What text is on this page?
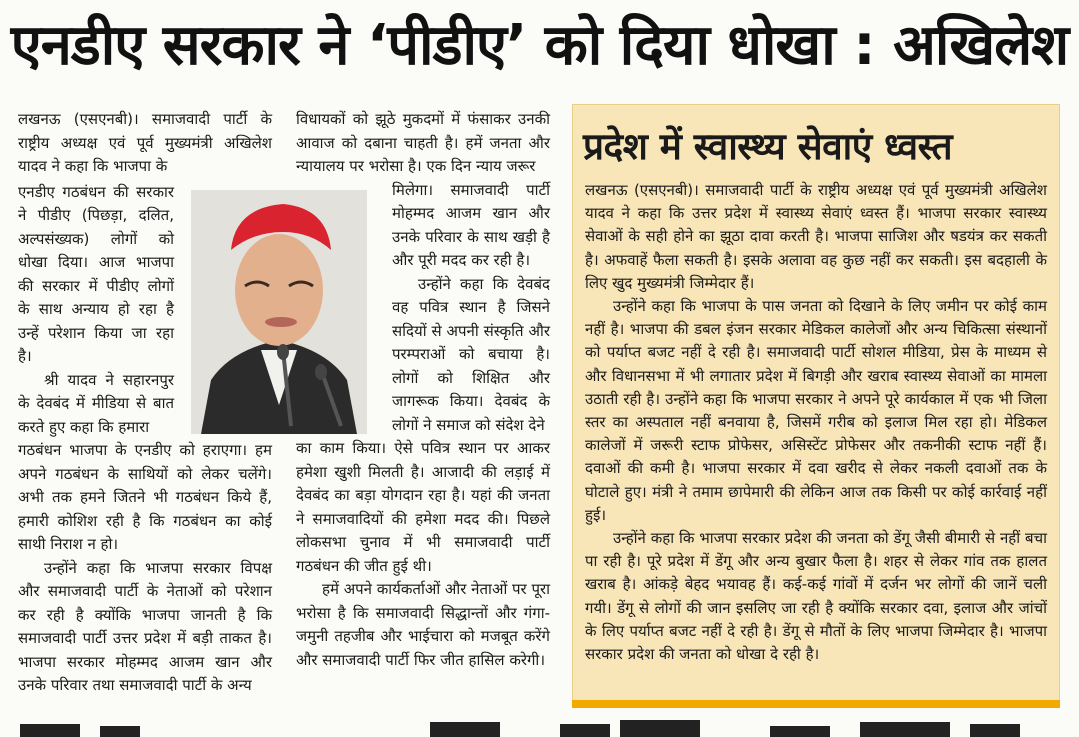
एनडीए सरकार ने ‘पीडीए’ को दिया धोखा : अखिलेश

लखनऊ (एसएनबी)। समाजवादी पार्टी के राष्ट्रीय अध्यक्ष एवं पूर्व मुख्यमंत्री अखिलेश यादव ने कहा कि भाजपा के

एनडीए गठबंधन की सरकार ने पीडीए (पिछड़ा, दलित, अल्पसंख्यक) लोगों को धोखा दिया। आज भाजपा की सरकार में पीडीए लोगों के साथ अन्याय हो रहा है उन्हें परेशान किया जा रहा है।

श्री यादव ने सहारनपुर के देवबंद में मीडिया से बात करते हुए कहा कि हमारा

गठबंधन भाजपा के एनडीए को हराएगा। हम अपने गठबंधन के साथियों को लेकर चलेंगे। अभी तक हमने जितने भी गठबंधन किये हैं, हमारी कोशिश रही है कि गठबंधन का कोई साथी निराश न हो।

उन्होंने कहा कि भाजपा सरकार विपक्ष और समाजवादी पार्टी के नेताओं को परेशान कर रही है क्योंकि भाजपा जानती है कि समाजवादी पार्टी उत्तर प्रदेश में बड़ी ताकत है। भाजपा सरकार मोहम्मद आजम खान और उनके परिवार तथा समाजवादी पार्टी के अन्य

विधायकों को झूठे मुकदमों में फंसाकर उनकी आवाज को दबाना चाहती है। हमें जनता और न्यायालय पर भरोसा है। एक दिन न्याय जरूर

मिलेगा। समाजवादी पार्टी मोहम्मद आजम खान और उनके परिवार के साथ खड़ी है और पूरी मदद कर रही है।

उन्होंने कहा कि देवबंद वह पवित्र स्थान है जिसने सदियों से अपनी संस्कृति और परम्पराओं को बचाया है। लोगों को शिक्षित और जागरूक किया। देवबंद के लोगों ने समाज को संदेश देने

का काम किया। ऐसे पवित्र स्थान पर आकर हमेशा खुशी मिलती है। आजादी की लड़ाई में देवबंद का बड़ा योगदान रहा है। यहां की जनता ने समाजवादियों की हमेशा मदद की। पिछले लोकसभा चुनाव में भी समाजवादी पार्टी गठबंधन की जीत हुई थी।

हमें अपने कार्यकर्ताओं और नेताओं पर पूरा भरोसा है कि समाजवादी सिद्धान्तों और गंगा-जमुनी तहजीब और भाईचारा को मजबूत करेंगे और समाजवादी पार्टी फिर जीत हासिल करेगी।

प्रदेश में स्वास्थ्य सेवाएं ध्वस्त

लखनऊ (एसएनबी)। समाजवादी पार्टी के राष्ट्रीय अध्यक्ष एवं पूर्व मुख्यमंत्री अखिलेश यादव ने कहा कि उत्तर प्रदेश में स्वास्थ्य सेवाएं ध्वस्त हैं। भाजपा सरकार स्वास्थ्य सेवाओं के सही होने का झूठा दावा करती है। भाजपा साजिश और षडयंत्र कर सकती है। अफवाहें फैला सकती है। इसके अलावा वह कुछ नहीं कर सकती। इस बदहाली के लिए खुद मुख्यमंत्री जिम्मेदार हैं।

उन्होंने कहा कि भाजपा के पास जनता को दिखाने के लिए जमीन पर कोई काम नहीं है। भाजपा की डबल इंजन सरकार मेडिकल कालेजों और अन्य चिकित्सा संस्थानों को पर्याप्त बजट नहीं दे रही है। समाजवादी पार्टी सोशल मीडिया, प्रेस के माध्यम से और विधानसभा में भी लगातार प्रदेश में बिगड़ी और खराब स्वास्थ्य सेवाओं का मामला उठाती रही है। उन्होंने कहा कि भाजपा सरकार ने अपने पूरे कार्यकाल में एक भी जिला स्तर का अस्पताल नहीं बनवाया है, जिसमें गरीब को इलाज मिल रहा हो। मेडिकल कालेजों में जरूरी स्टाफ प्रोफेसर, असिस्टेंट प्रोफेसर और तकनीकी स्टाफ नहीं हैं। दवाओं की कमी है। भाजपा सरकार में दवा खरीद से लेकर नकली दवाओं तक के घोटाले हुए। मंत्री ने तमाम छापेमारी की लेकिन आज तक किसी पर कोई कार्रवाई नहीं हुई।

उन्होंने कहा कि भाजपा सरकार प्रदेश की जनता को डेंगू जैसी बीमारी से नहीं बचा पा रही है। पूरे प्रदेश में डेंगू और अन्य बुखार फैला है। शहर से लेकर गांव तक हालत खराब है। आंकड़े बेहद भयावह हैं। कई-कई गांवों में दर्जन भर लोगों की जानें चली गयी। डेंगू से लोगों की जान इसलिए जा रही है क्योंकि सरकार दवा, इलाज और जांचों के लिए पर्याप्त बजट नहीं दे रही है। डेंगू से मौतों के लिए भाजपा जिम्मेदार है। भाजपा सरकार प्रदेश की जनता को धोखा दे रही है।
